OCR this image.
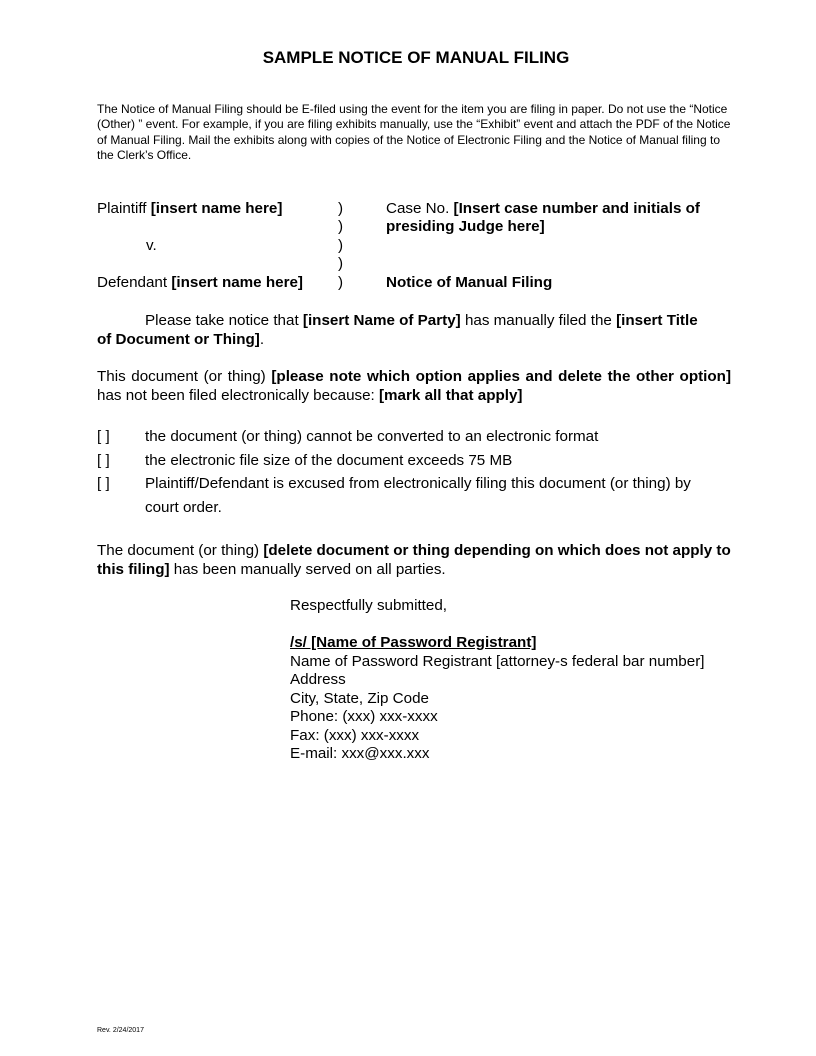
SAMPLE NOTICE OF MANUAL FILING
The Notice of Manual Filing should be E-filed using the event for the item you are filing in paper. Do not use the “Notice (Other) ” event. For example, if you are filing exhibits manually, use the “Exhibit” event and attach the PDF of the Notice of Manual Filing. Mail the exhibits along with copies of the Notice of Electronic Filing and the Notice of Manual filing to the Clerk’s Office.
Plaintiff [insert name here]
v.
Defendant [insert name here]
)
)
)
)
)
Case No. [Insert case number and initials of
presiding Judge here]
Notice of Manual Filing
Please take notice that [insert Name of Party] has manually filed the [insert Title
of Document or Thing].
This document (or thing) [please note which option applies and delete the other option] has not been filed electronically because: [mark all that apply]
[ ] the document (or thing) cannot be converted to an electronic format
[ ] the electronic file size of the document exceeds 75 MB
[ ] Plaintiff/Defendant is excused from electronically filing this document (or thing) by
court order.
The document (or thing) [delete document or thing depending on which does not apply to this filing] has been manually served on all parties.
Respectfully submitted,
/s/ [Name of Password Registrant]
Name of Password Registrant [attorney-s federal bar number]
Address
City, State, Zip Code
Phone: (xxx) xxx-xxxx
Fax: (xxx) xxx-xxxx
E-mail: xxx@xxx.xxx
Rev. 2/24/2017
